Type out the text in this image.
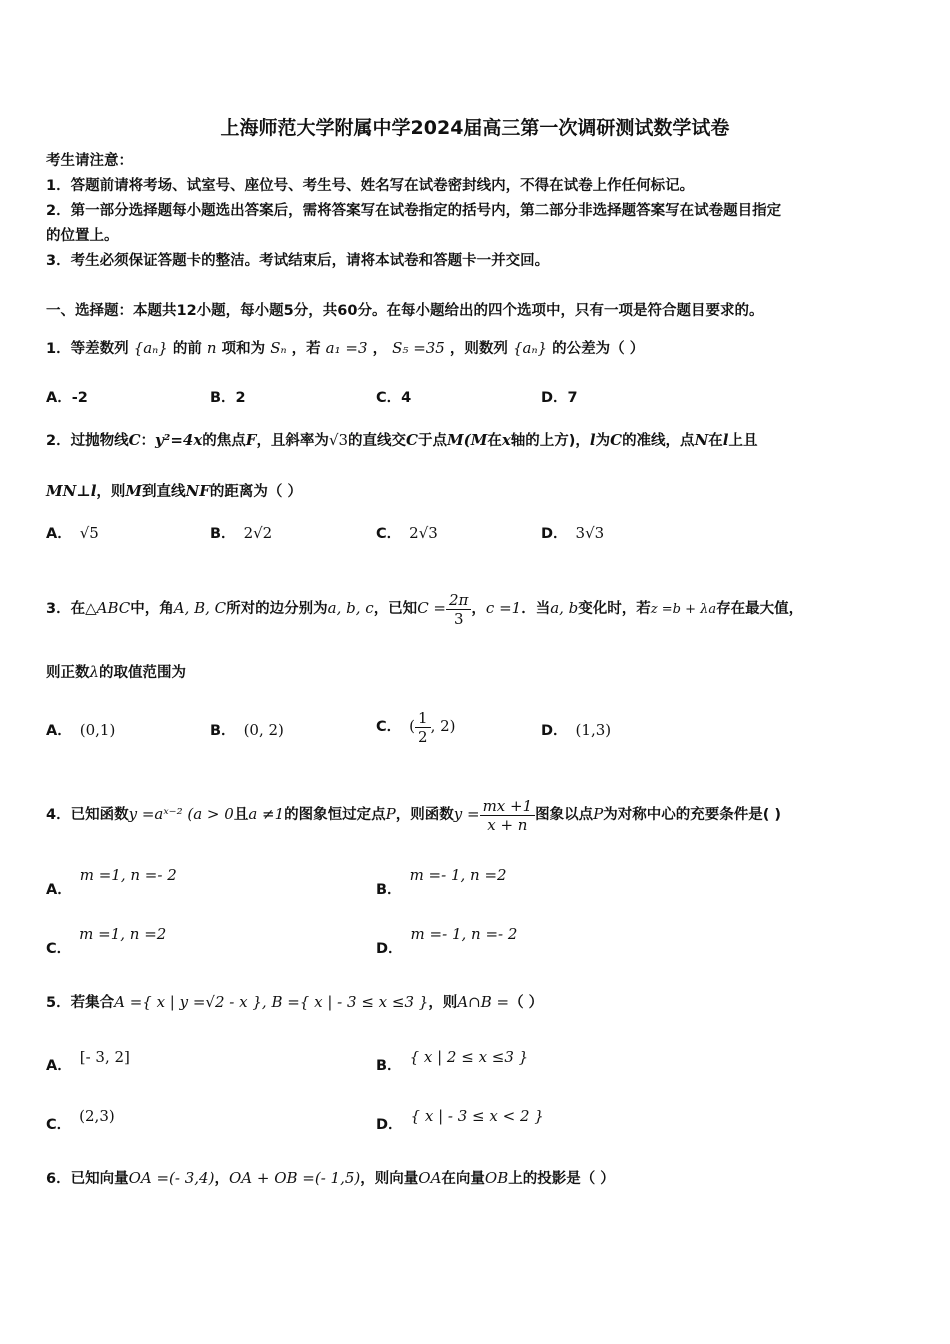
上海师范大学附属中学2024届高三第一次调研测试数学试卷
考生请注意：
1．答题前请将考场、试室号、座位号、考生号、姓名写在试卷密封线内，不得在试卷上作任何标记。
2．第一部分选择题每小题选出答案后，需将答案写在试卷指定的括号内，第二部分非选择题答案写在试卷题目指定
的位置上。
3．考生必须保证答题卡的整洁。考试结束后，请将本试卷和答题卡一并交回。
一、选择题：本题共12小题，每小题5分，共60分。在每小题给出的四个选项中，只有一项是符合题目要求的。
1．等差数列 {aₙ} 的前 n 项和为 Sₙ ，若 a₁ =3 ， S₅ =35 ，则数列 {aₙ} 的公差为（ ）
A．-2	B．2	C．4	D．7
2．过抛物线C：y²=4x的焦点F，且斜率为√3的直线交C于点M(M在x轴的上方)，l为C的准线，点N在l上且
MN⊥l，则M到直线NF的距离为（ ）
A． √5	B． 2√2	C． 2√3	D． 3√3
3．在△ABC中，角A, B, C所对的边分别为a, b, c，已知$C = \frac{2\pi}{3}$ ，c =1．当a, b变化时，若z =b + λa存在最大值，
则正数λ的取值范围为
A． (0,1)	B． (0, 2)	C． ( $\frac{1}{2}$ , 2)	D． (1,3)
4．已知函数y =aˣ⁻² (a > 0且a ≠1的图象恒过定点P，则函数$y = \frac{mx +1}{x + n}$ 图象以点P为对称中心的充要条件是( )
A．m =1, n =- 2
B．m =- 1, n =2
C．m =1, n =2
D．m =- 1, n =- 2
5．若集合A ={ x | y =√2 - x }, B ={ x | - 3 ≤ x ≤3 }，则A∩B =（ ）
A． [- 3, 2]	B． { x | 2 ≤ x ≤3 }
C． (2,3)	D． { x | - 3 ≤ x < 2 }
6．已知向量OA =(- 3,4)，OA + OB =(- 1,5)，则向量OA在向量OB上的投影是（ ）
